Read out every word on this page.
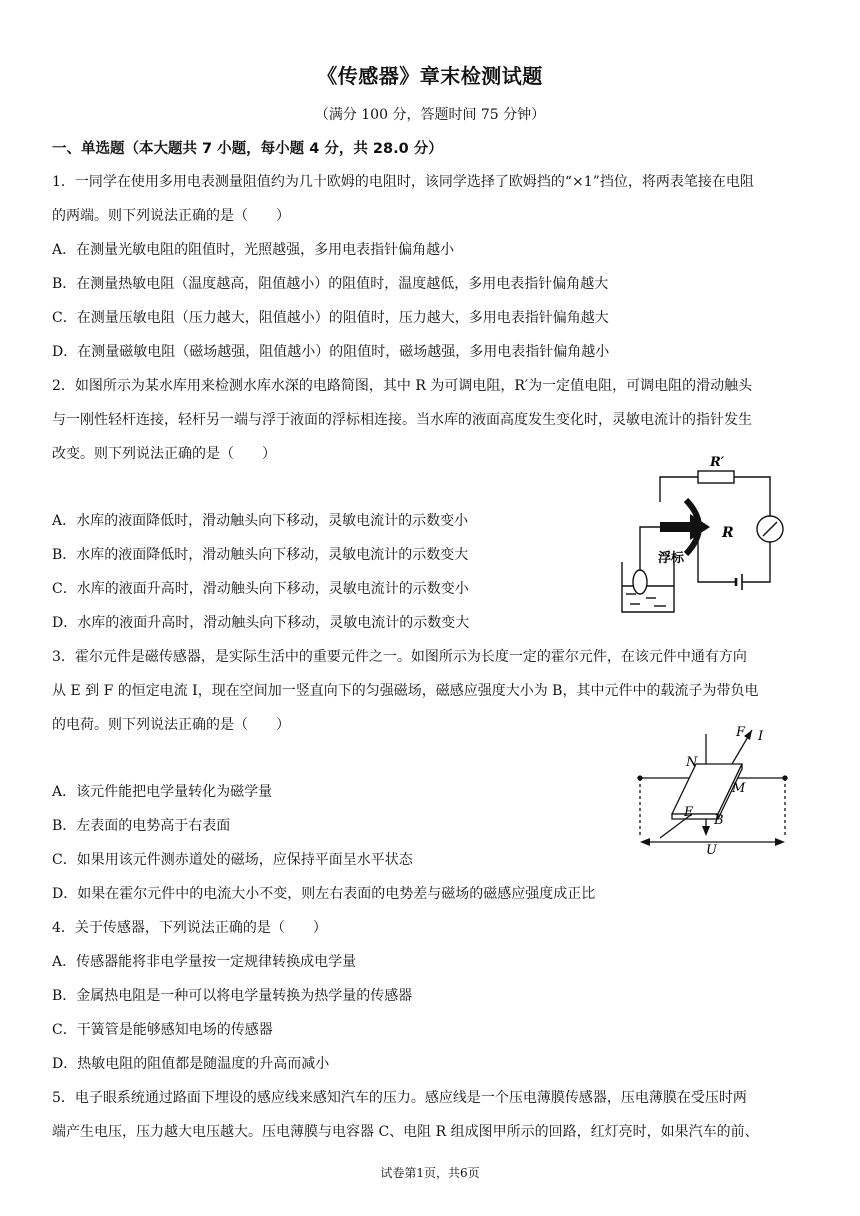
《传感器》章末检测试题
（满分 100 分，答题时间 75 分钟）
一、单选题（本大题共 7 小题，每小题 4 分，共 28.0 分）
1．一同学在使用多用电表测量阻值约为几十欧姆的电阻时，该同学选择了欧姆挡的“×1”挡位，将两表笔接在电阻
的两端。则下列说法正确的是（　　）
A．在测量光敏电阻的阻值时，光照越强，多用电表指针偏角越小
B．在测量热敏电阻（温度越高，阻值越小）的阻值时，温度越低，多用电表指针偏角越大
C．在测量压敏电阻（压力越大，阻值越小）的阻值时，压力越大，多用电表指针偏角越大
D．在测量磁敏电阻（磁场越强，阻值越小）的阻值时，磁场越强，多用电表指针偏角越小
2．如图所示为某水库用来检测水库水深的电路简图，其中 R 为可调电阻，R′为一定值电阻，可调电阻的滑动触头
与一刚性轻杆连接，轻杆另一端与浮于液面的浮标相连接。当水库的液面高度发生变化时，灵敏电流计的指针发生
改变。则下列说法正确的是（　　）
A．水库的液面降低时，滑动触头向下移动，灵敏电流计的示数变小
B．水库的液面降低时，滑动触头向下移动，灵敏电流计的示数变大
C．水库的液面升高时，滑动触头向下移动，灵敏电流计的示数变小
D．水库的液面升高时，滑动触头向下移动，灵敏电流计的示数变大
R′
R
浮标
3．霍尔元件是磁传感器，是实际生活中的重要元件之一。如图所示为长度一定的霍尔元件，在该元件中通有方向
从 E 到 F 的恒定电流 I，现在空间加一竖直向下的匀强磁场，磁感应强度大小为 B，其中元件中的载流子为带负电
的电荷。则下列说法正确的是（　　）
A．该元件能把电学量转化为磁学量
B．左表面的电势高于右表面
C．如果用该元件测赤道处的磁场，应保持平面呈水平状态
D．如果在霍尔元件中的电流大小不变，则左右表面的电势差与磁场的磁感应强度成正比
F I
N
M
E
B
U
4．关于传感器，下列说法正确的是（　　）
A．传感器能将非电学量按一定规律转换成电学量
B．金属热电阻是一种可以将电学量转换为热学量的传感器
C．干簧管是能够感知电场的传感器
D．热敏电阻的阻值都是随温度的升高而减小
5．电子眼系统通过路面下埋设的感应线来感知汽车的压力。感应线是一个压电薄膜传感器，压电薄膜在受压时两
端产生电压，压力越大电压越大。压电薄膜与电容器 C、电阻 R 组成图甲所示的回路，红灯亮时，如果汽车的前、
试卷第1页，共6页
